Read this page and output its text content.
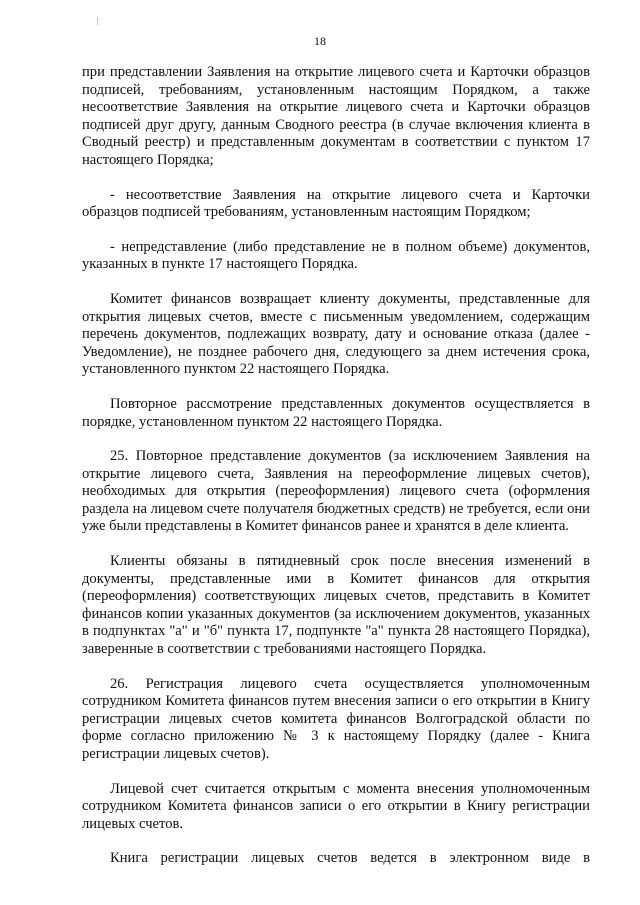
18

при представлении Заявления на открытие лицевого счета и Карточки образцов подписей, требованиям, установленным настоящим Порядком, а также несоответствие Заявления на открытие лицевого счета и Карточки образцов подписей друг другу, данным Сводного реестра (в случае включения клиента в Сводный реестр) и представленным документам в соответствии с пунктом 17 настоящего Порядка;

- несоответствие Заявления на открытие лицевого счета и Карточки образцов подписей требованиям, установленным настоящим Порядком;

- непредставление (либо представление не в полном объеме) документов, указанных в пункте 17 настоящего Порядка.

Комитет финансов возвращает клиенту документы, представленные для открытия лицевых счетов, вместе с письменным уведомлением, содержащим перечень документов, подлежащих возврату, дату и основание отказа (далее - Уведомление), не позднее рабочего дня, следующего за днем истечения срока, установленного пунктом 22 настоящего Порядка.

Повторное рассмотрение представленных документов осуществляется в порядке, установленном пунктом 22 настоящего Порядка.

25. Повторное представление документов (за исключением Заявления на открытие лицевого счета, Заявления на переоформление лицевых счетов), необходимых для открытия (переоформления) лицевого счета (оформления раздела на лицевом счете получателя бюджетных средств) не требуется, если они уже были представлены в Комитет финансов ранее и хранятся в деле клиента.

Клиенты обязаны в пятидневный срок после внесения изменений в документы, представленные ими в Комитет финансов для открытия (переоформления) соответствующих лицевых счетов, представить в Комитет финансов копии указанных документов (за исключением документов, указанных в подпунктах "а" и "б" пункта 17, подпункте "а" пункта 28 настоящего Порядка), заверенные в соответствии с требованиями настоящего Порядка.

26. Регистрация лицевого счета осуществляется уполномоченным сотрудником Комитета финансов путем внесения записи о его открытии в Книгу регистрации лицевых счетов комитета финансов Волгоградской области по форме согласно приложению № 3 к настоящему Порядку (далее - Книга регистрации лицевых счетов).

Лицевой счет считается открытым с момента внесения уполномоченным сотрудником Комитета финансов записи о его открытии в Книгу регистрации лицевых счетов.

Книга регистрации лицевых счетов ведется в электронном виде в
